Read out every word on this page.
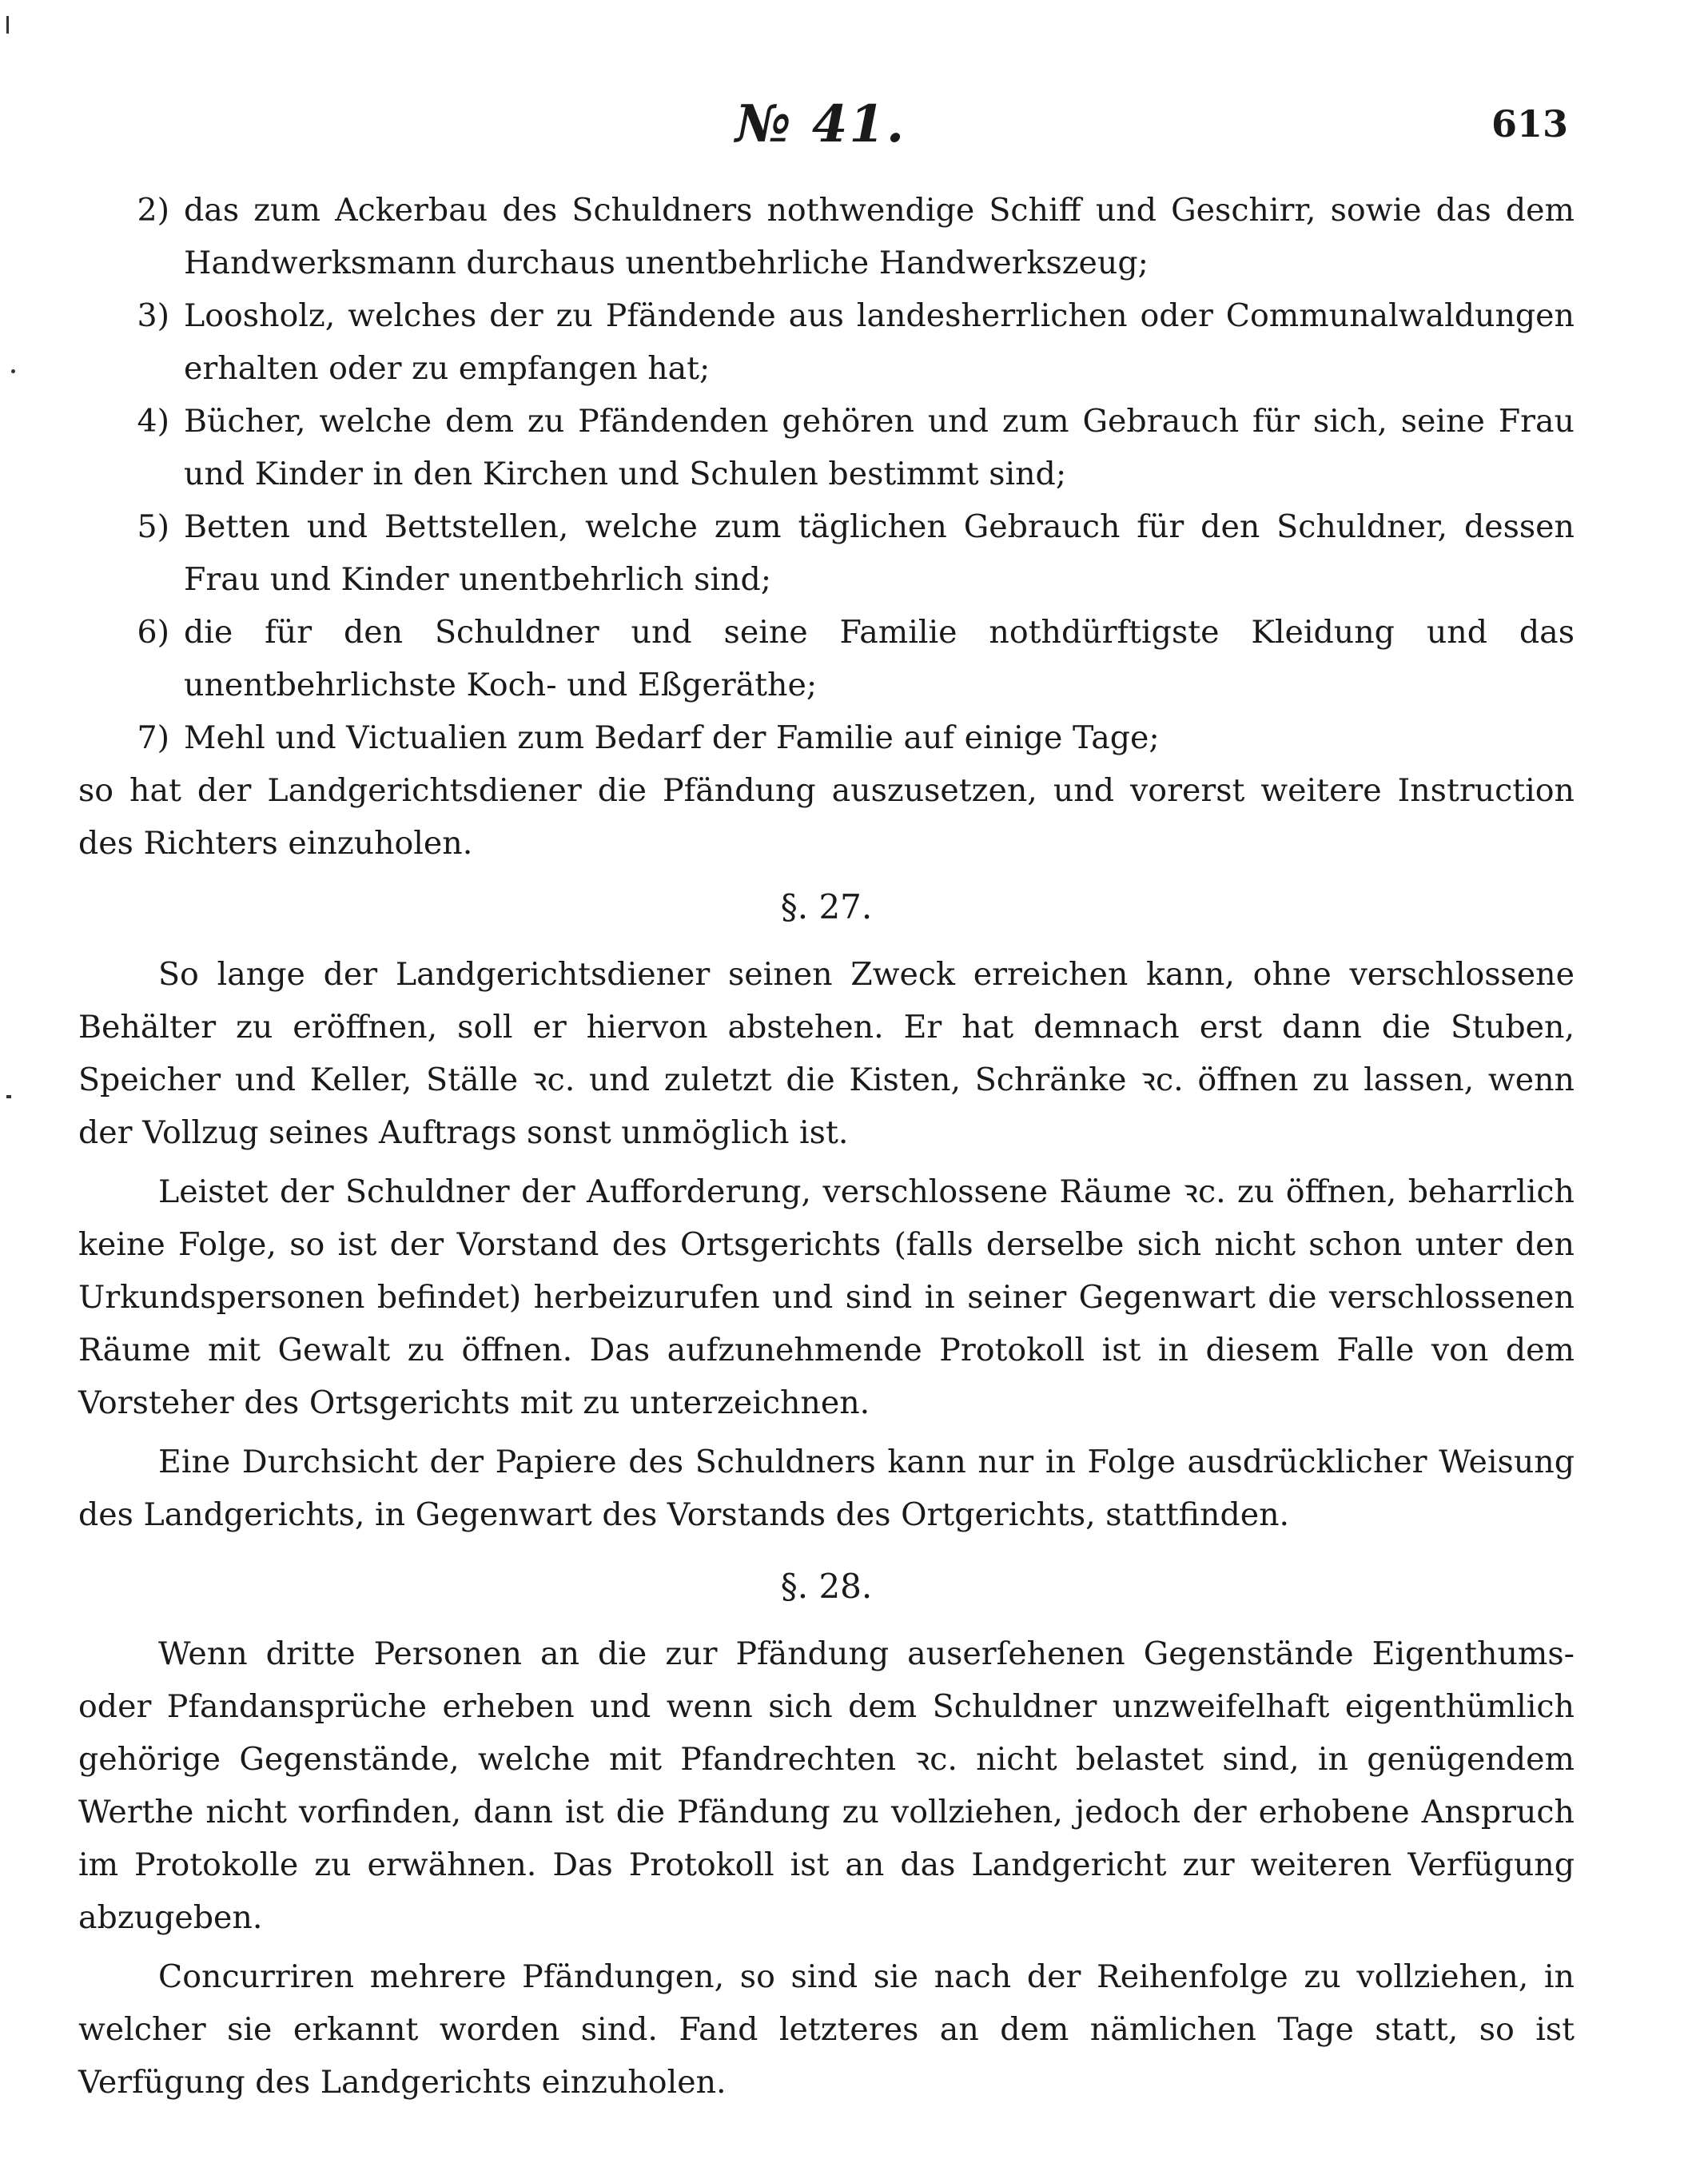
№ 41.	613
2) das zum Ackerbau des Schuldners nothwendige Schiff und Geschirr, sowie das dem Handwerksmann durchaus unentbehrliche Handwerkszeug;
3) Loosholz, welches der zu Pfändende aus landesherrlichen oder Communalwaldungen erhalten oder zu empfangen hat;
4) Bücher, welche dem zu Pfändenden gehören und zum Gebrauch für sich, seine Frau und Kinder in den Kirchen und Schulen bestimmt sind;
5) Betten und Bettstellen, welche zum täglichen Gebrauch für den Schuldner, dessen Frau und Kinder unentbehrlich sind;
6) die für den Schuldner und seine Familie nothdürftigste Kleidung und das unentbehrlichste Koch- und Eßgeräthe;
7) Mehl und Victualien zum Bedarf der Familie auf einige Tage;

so hat der Landgerichtsdiener die Pfändung auszusetzen, und vorerst weitere Instruction des Richters einzuholen.

§. 27.

So lange der Landgerichtsdiener seinen Zweck erreichen kann, ohne verschlossene Behälter zu eröffnen, soll er hiervon abstehen. Er hat demnach erst dann die Stuben, Speicher und Keller, Ställe ꝛc. und zuletzt die Kisten, Schränke ꝛc. öffnen zu lassen, wenn der Vollzug seines Auftrags sonst unmöglich ist.

Leistet der Schuldner der Aufforderung, verschlossene Räume ꝛc. zu öffnen, beharrlich keine Folge, so ist der Vorstand des Ortsgerichts (falls derselbe sich nicht schon unter den Urkundspersonen befindet) herbeizurufen und sind in seiner Gegenwart die verschlossenen Räume mit Gewalt zu öffnen. Das aufzunehmende Protokoll ist in diesem Falle von dem Vorsteher des Ortsgerichts mit zu unterzeichnen.

Eine Durchsicht der Papiere des Schuldners kann nur in Folge ausdrücklicher Weisung des Landgerichts, in Gegenwart des Vorstands des Ortgerichts, stattfinden.

§. 28.

Wenn dritte Personen an die zur Pfändung auserſehenen Gegenstände Eigenthums- oder Pfandansprüche erheben und wenn sich dem Schuldner unzweifelhaft eigenthümlich gehörige Gegenstände, welche mit Pfandrechten ꝛc. nicht belastet sind, in genügendem Werthe nicht vorfinden, dann ist die Pfändung zu vollziehen, jedoch der erhobene Anspruch im Protokolle zu erwähnen. Das Protokoll ist an das Landgericht zur weiteren Verfügung abzugeben.

Concurriren mehrere Pfändungen, so sind sie nach der Reihenfolge zu vollziehen, in welcher sie erkannt worden sind. Fand letzteres an dem nämlichen Tage statt, so ist Verfügung des Landgerichts einzuholen.
